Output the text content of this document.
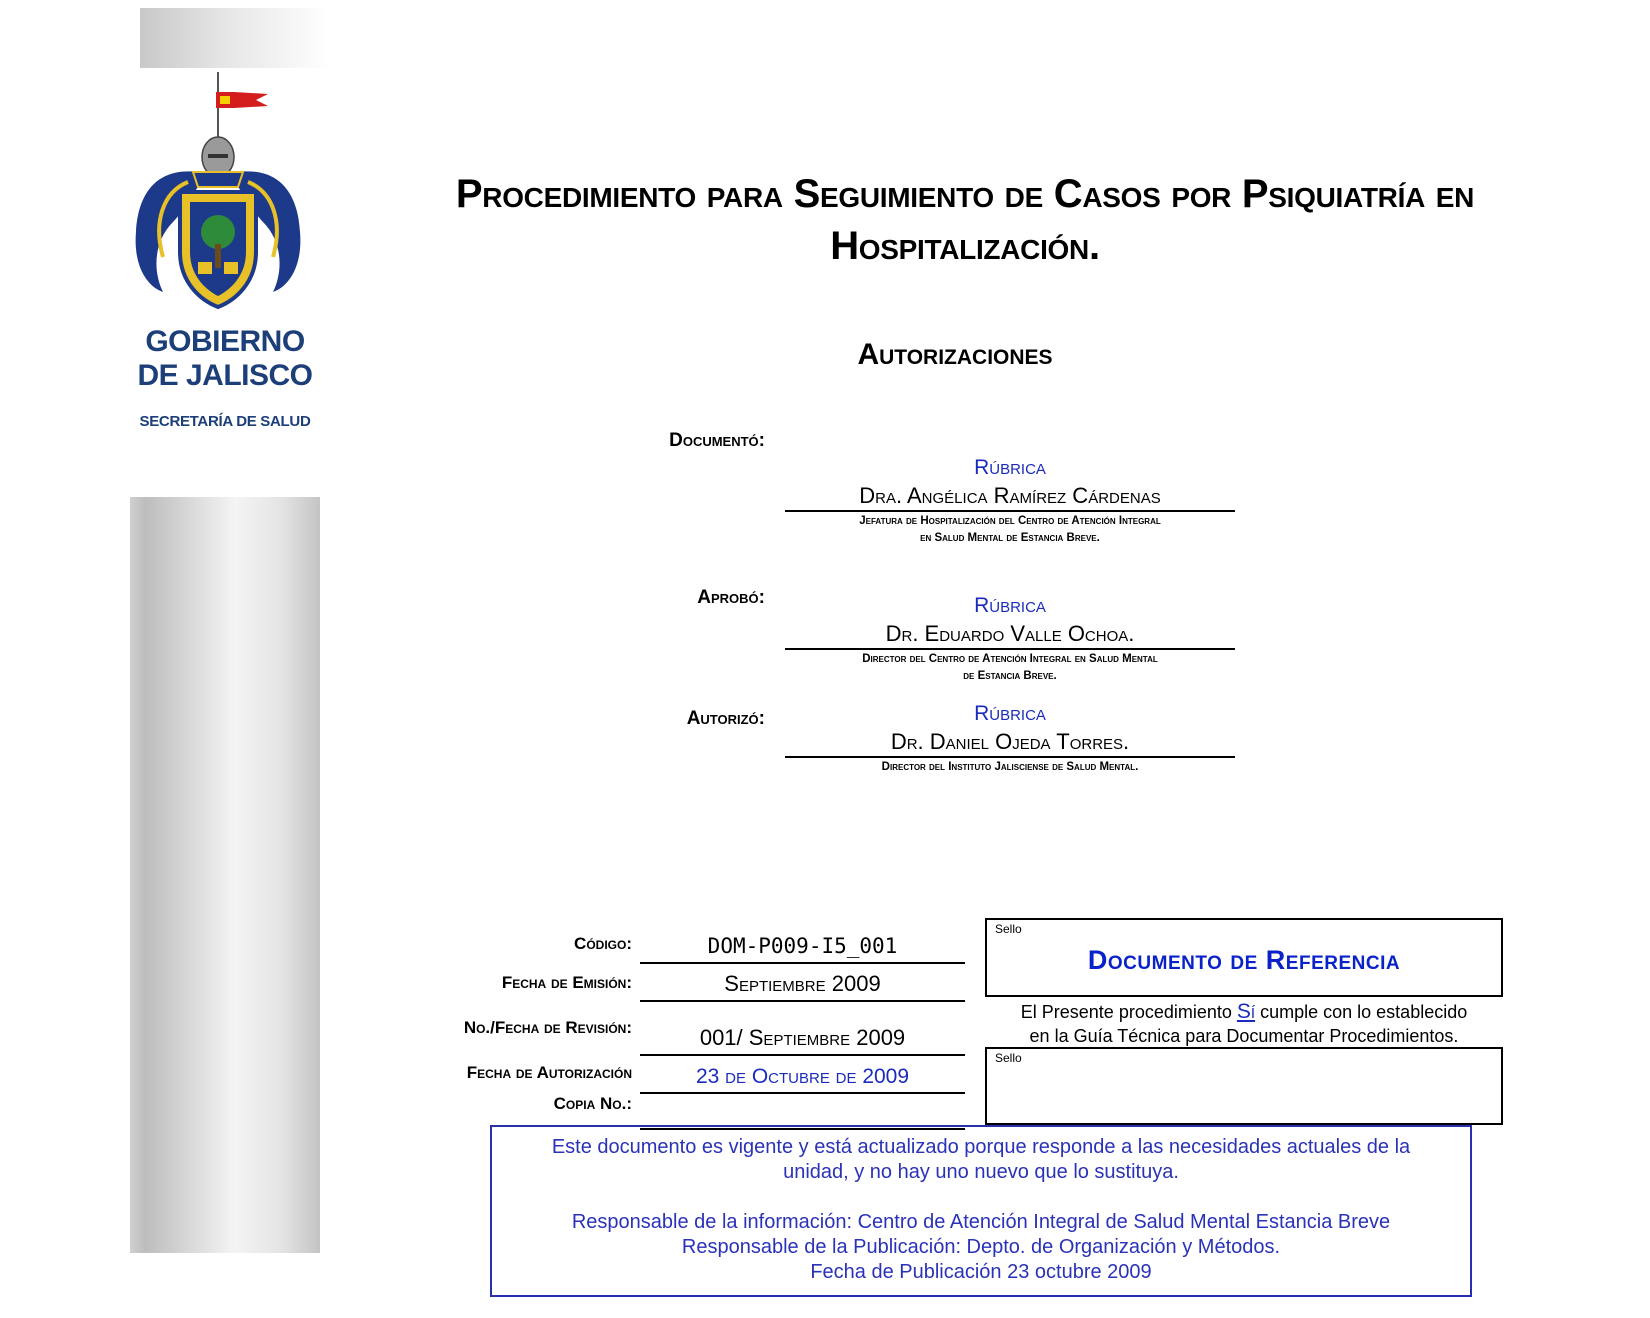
GOBIERNO
DE JALISCO
SECRETARÍA DE SALUD
Procedimiento para Seguimiento de Casos por Psiquiatría en
Hospitalización.
Autorizaciones
Documentó:
Rúbrica
Dra. Angélica Ramírez Cárdenas
Jefatura de Hospitalización del Centro de Atención Integral
en Salud Mental de Estancia Breve.
Aprobó:	Rúbrica
Dr. Eduardo Valle Ochoa.
Director del Centro de Atención Integral en Salud Mental
de Estancia Breve.
Autorizó:	Rúbrica
Dr. Daniel Ojeda Torres.
Director del Instituto Jalisciense de Salud Mental.
Código:	DOM-P009-I5_001
Fecha de Emisión:	Septiembre 2009
No./Fecha de Revisión:	001/ Septiembre 2009
Fecha de Autorización	23 de Octubre de 2009
Copia No.:
Sello
Documento de Referencia
El Presente procedimiento Sí cumple con lo establecido
en la Guía Técnica para Documentar Procedimientos.
Sello

Este documento es vigente y está actualizado porque responde a las necesidades actuales de la

unidad, y no hay uno nuevo que lo sustituya.

Responsable de la información: Centro de Atención Integral de Salud Mental Estancia Breve

Responsable de la Publicación: Depto. de Organización y Métodos.

Fecha de Publicación 23 octubre 2009
